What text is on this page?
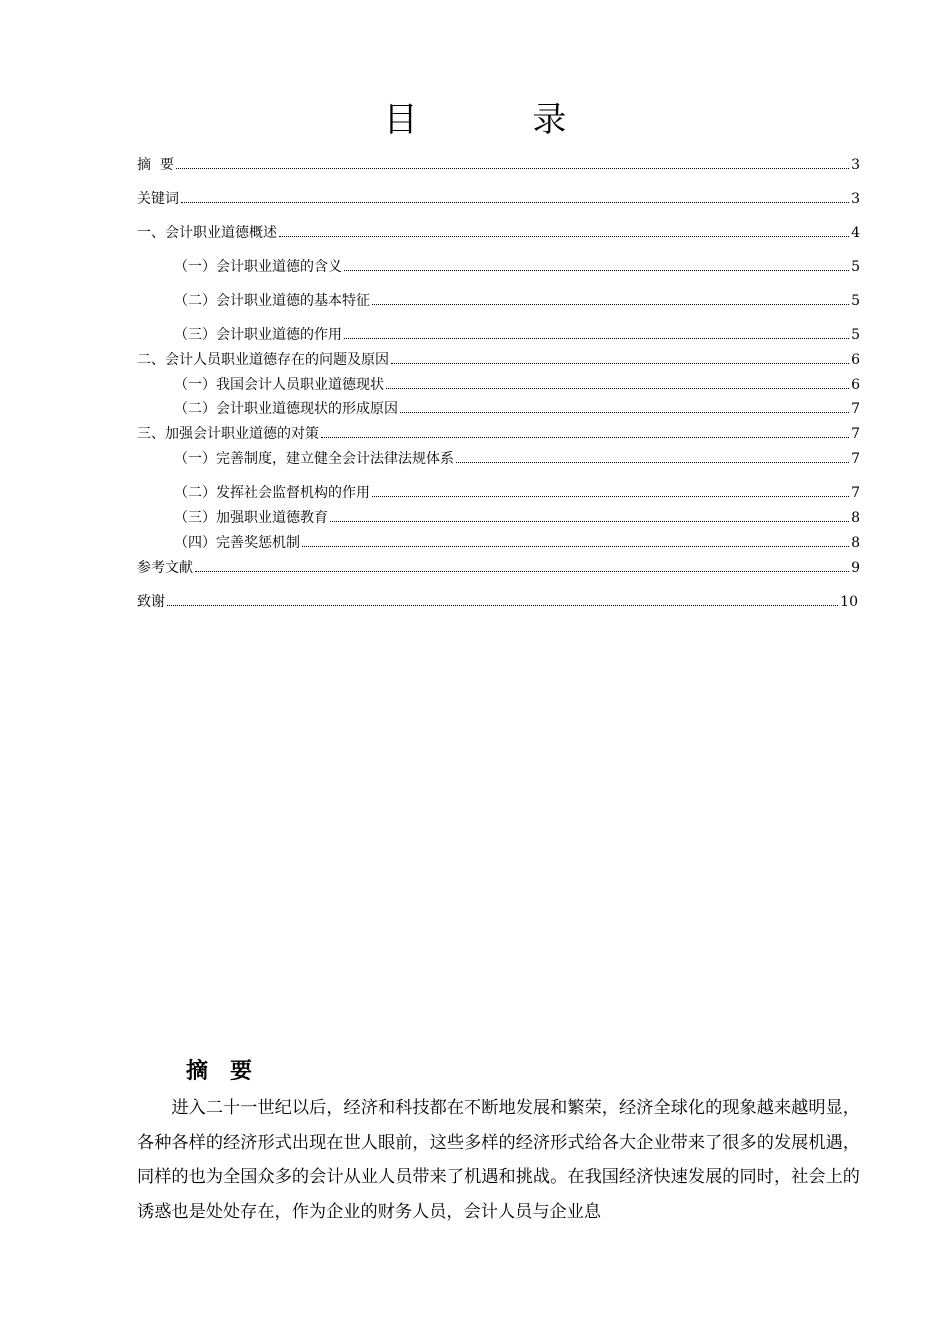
目 录
摘  要	3
关键词	3
一、会计职业道德概述	4
（一）会计职业道德的含义	5
（二）会计职业道德的基本特征	5
（三）会计职业道德的作用	5
二、会计人员职业道德存在的问题及原因	6
（一）我国会计人员职业道德现状	6
（二）会计职业道德现状的形成原因	7
三、加强会计职业道德的对策	7
（一）完善制度，建立健全会计法律法规体系	7
（二）发挥社会监督机构的作用	7
（三）加强职业道德教育	8
（四）完善奖惩机制	8
参考文献	9
致谢	10
摘要

进入二十一世纪以后，经济和科技都在不断地发展和繁荣，经济全球化的现象越来越明显，各种各样的经济形式出现在世人眼前，这些多样的经济形式给各大企业带来了很多的发展机遇，同样的也为全国众多的会计从业人员带来了机遇和挑战。在我国经济快速发展的同时，社会上的诱惑也是处处存在，作为企业的财务人员，会计人员与企业息
